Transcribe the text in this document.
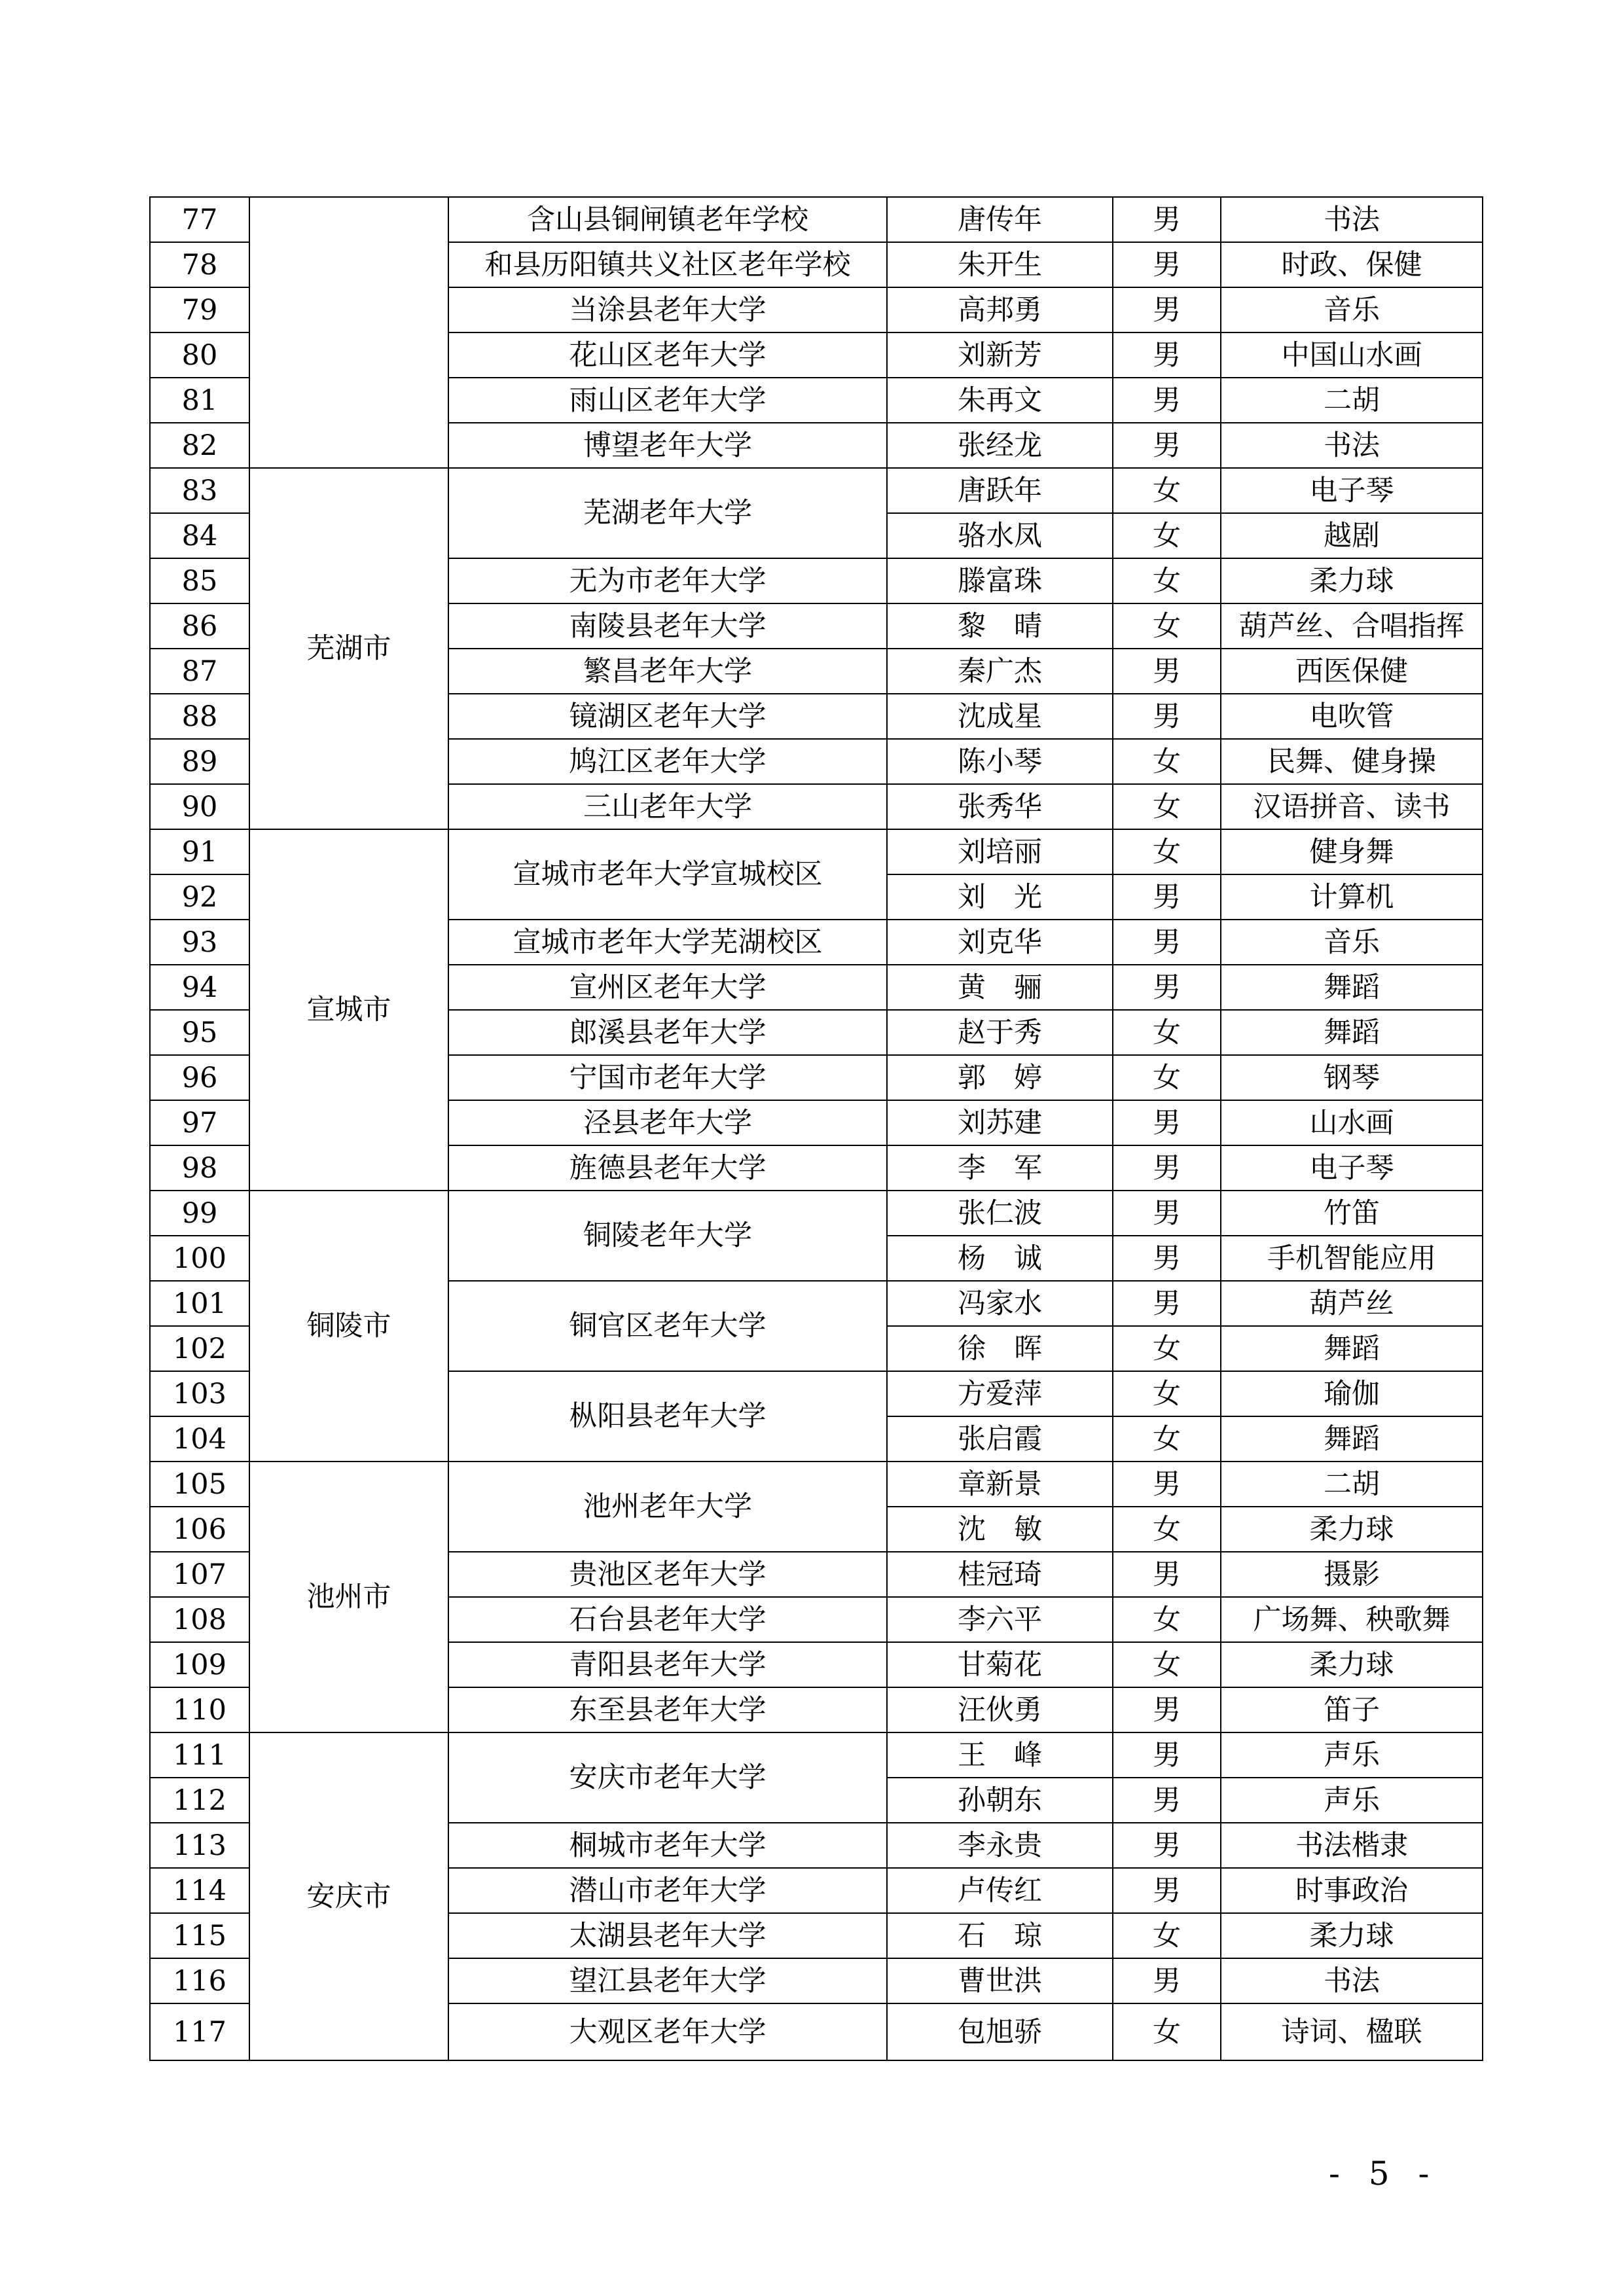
77		含山县铜闸镇老年学校	唐传年	男	书法
78		和县历阳镇共义社区老年学校	朱开生	男	时政、保健
79		当涂县老年大学	高邦勇	男	音乐
80		花山区老年大学	刘新芳	男	中国山水画
81		雨山区老年大学	朱再文	男	二胡
82		博望老年大学	张经龙	男	书法
83	芜湖市	芜湖老年大学	唐跃年	女	电子琴
84			骆水凤	女	越剧
85		无为市老年大学	滕富珠	女	柔力球
86		南陵县老年大学	黎　晴	女	葫芦丝、合唱指挥
87		繁昌老年大学	秦广杰	男	西医保健
88		镜湖区老年大学	沈成星	男	电吹管
89		鸠江区老年大学	陈小琴	女	民舞、健身操
90		三山老年大学	张秀华	女	汉语拼音、读书
91	宣城市	宣城市老年大学宣城校区	刘培丽	女	健身舞
92			刘　光	男	计算机
93		宣城市老年大学芜湖校区	刘克华	男	音乐
94		宣州区老年大学	黄　骊	男	舞蹈
95		郎溪县老年大学	赵于秀	女	舞蹈
96		宁国市老年大学	郭　婷	女	钢琴
97		泾县老年大学	刘苏建	男	山水画
98		旌德县老年大学	李　军	男	电子琴
99	铜陵市	铜陵老年大学	张仁波	男	竹笛
100			杨　诚	男	手机智能应用
101		铜官区老年大学	冯家水	男	葫芦丝
102			徐　晖	女	舞蹈
103		枞阳县老年大学	方爱萍	女	瑜伽
104			张启霞	女	舞蹈
105	池州市	池州老年大学	章新景	男	二胡
106			沈　敏	女	柔力球
107		贵池区老年大学	桂冠琦	男	摄影
108		石台县老年大学	李六平	女	广场舞、秧歌舞
109		青阳县老年大学	甘菊花	女	柔力球
110		东至县老年大学	汪伙勇	男	笛子
111	安庆市	安庆市老年大学	王　峰	男	声乐
112			孙朝东	男	声乐
113		桐城市老年大学	李永贵	男	书法楷隶
114		潜山市老年大学	卢传红	男	时事政治
115		太湖县老年大学	石　琼	女	柔力球
116		望江县老年大学	曹世洪	男	书法
117		大观区老年大学	包旭骄	女	诗词、楹联
- 5 -
